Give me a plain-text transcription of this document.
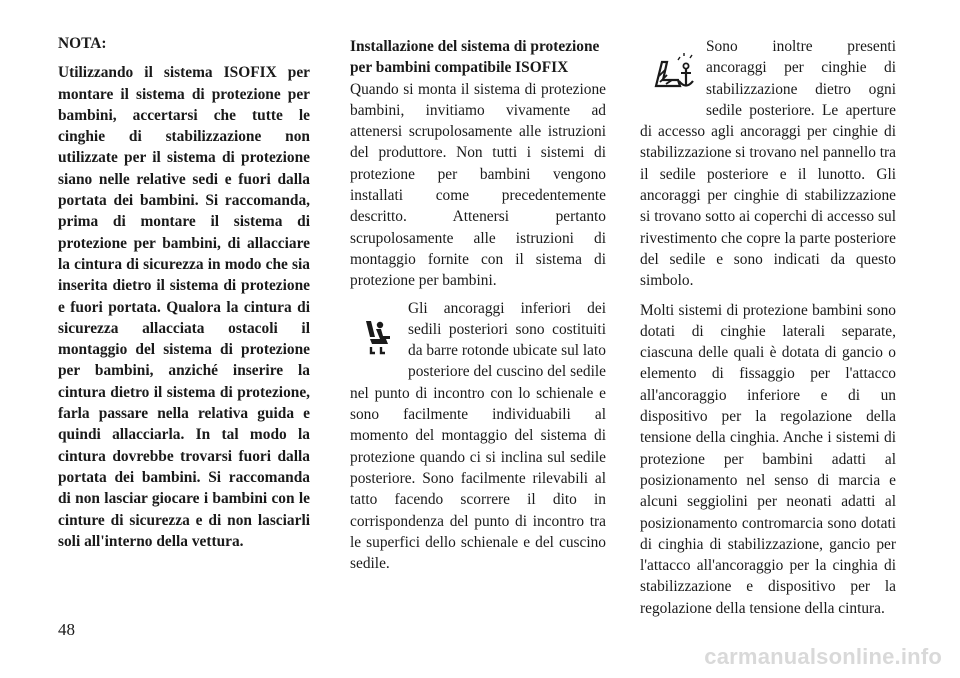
NOTA:

Utilizzando il sistema ISOFIX per montare il sistema di protezione per bambini, accertarsi che tutte le cinghie di stabilizzazione non utilizzate per il sistema di protezione siano nelle relative sedi e fuori dalla portata dei bambini. Si raccomanda, prima di montare il sistema di protezione per bambini, di allacciare la cintura di sicurezza in modo che sia inserita dietro il sistema di protezione e fuori portata. Qualora la cintura di sicurezza allacciata ostacoli il montaggio del sistema di protezione per bambini, anziché inserire la cintura dietro il sistema di protezione, farla passare nella relativa guida e quindi allacciarla. In tal modo la cintura dovrebbe trovarsi fuori dalla portata dei bambini. Si raccomanda di non lasciar giocare i bambini con le cinture di sicurezza e di non lasciarli soli all'interno della vettura.

Installazione del sistema di protezione per bambini compatibile ISOFIX

Quando si monta il sistema di protezione bambini, invitiamo vivamente ad attenersi scrupolosamente alle istruzioni del produttore. Non tutti i sistemi di protezione per bambini vengono installati come precedentemente descritto. Attenersi pertanto scrupolosamente alle istruzioni di montaggio fornite con il sistema di protezione per bambini.

Gli ancoraggi inferiori dei sedili posteriori sono costituiti da barre rotonde ubicate sul lato posteriore del cuscino del sedile nel punto di incontro con lo schienale e sono facilmente individuabili al momento del montaggio del sistema di protezione quando ci si inclina sul sedile posteriore. Sono facilmente rilevabili al tatto facendo scorrere il dito in corrispondenza del punto di incontro tra le superfici dello schienale e del cuscino sedile.
Sono inoltre presenti ancoraggi per cinghie di stabilizzazione dietro ogni sedile posteriore. Le aperture di accesso agli ancoraggi per cinghie di stabilizzazione si trovano nel pannello tra il sedile posteriore e il lunotto. Gli ancoraggi per cinghie di stabilizzazione si trovano sotto ai coperchi di accesso sul rivestimento che copre la parte posteriore del sedile e sono indicati da questo simbolo.

Molti sistemi di protezione bambini sono dotati di cinghie laterali separate, ciascuna delle quali è dotata di gancio o elemento di fissaggio per l'attacco all'ancoraggio inferiore e di un dispositivo per la regolazione della tensione della cinghia. Anche i sistemi di protezione per bambini adatti al posizionamento nel senso di marcia e alcuni seggiolini per neonati adatti al posizionamento contromarcia sono dotati di cinghia di stabilizzazione, gancio per l'attacco all'ancoraggio per la cinghia di stabilizzazione e dispositivo per la regolazione della tensione della cintura.

48
carmanualsonline.info
